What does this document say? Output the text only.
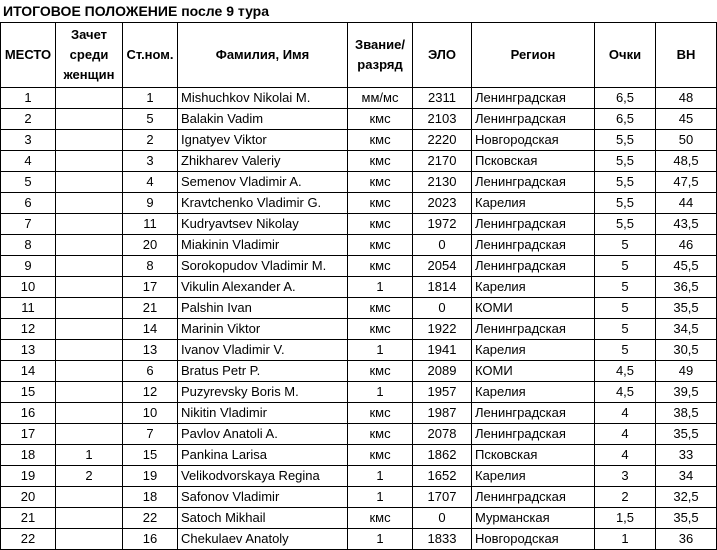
ИТОГОВОЕ ПОЛОЖЕНИЕ после 9 тура
МЕСТО	Зачет среди женщин	Ст.ном.	Фамилия, Имя	Звание/ разряд	ЭЛО	Регион	Очки	ВН
1		1	Mishuchkov Nikolai M.	мм/мс	2311	Ленинградская	6,5	48
2		5	Balakin Vadim	кмс	2103	Ленинградская	6,5	45
3		2	Ignatyev Viktor	кмс	2220	Новгородская	5,5	50
4		3	Zhikharev Valeriy	кмс	2170	Псковская	5,5	48,5
5		4	Semenov Vladimir A.	кмс	2130	Ленинградская	5,5	47,5
6		9	Kravtchenko Vladimir G.	кмс	2023	Карелия	5,5	44
7		11	Kudryavtsev Nikolay	кмс	1972	Ленинградская	5,5	43,5
8		20	Miakinin Vladimir	кмс	0	Ленинградская	5	46
9		8	Sorokopudov Vladimir M.	кмс	2054	Ленинградская	5	45,5
10		17	Vikulin Alexander A.	1	1814	Карелия	5	36,5
11		21	Palshin Ivan	кмс	0	КОМИ	5	35,5
12		14	Marinin Viktor	кмс	1922	Ленинградская	5	34,5
13		13	Ivanov Vladimir V.	1	1941	Карелия	5	30,5
14		6	Bratus Petr P.	кмс	2089	КОМИ	4,5	49
15		12	Puzyrevsky Boris M.	1	1957	Карелия	4,5	39,5
16		10	Nikitin Vladimir	кмс	1987	Ленинградская	4	38,5
17		7	Pavlov Anatoli A.	кмс	2078	Ленинградская	4	35,5
18	1	15	Pankina Larisa	кмс	1862	Псковская	4	33
19	2	19	Velikodvorskaya Regina	1	1652	Карелия	3	34
20		18	Safonov Vladimir	1	1707	Ленинградская	2	32,5
21		22	Satoch Mikhail	кмс	0	Мурманская	1,5	35,5
22		16	Chekulaev Anatoly	1	1833	Новгородская	1	36
